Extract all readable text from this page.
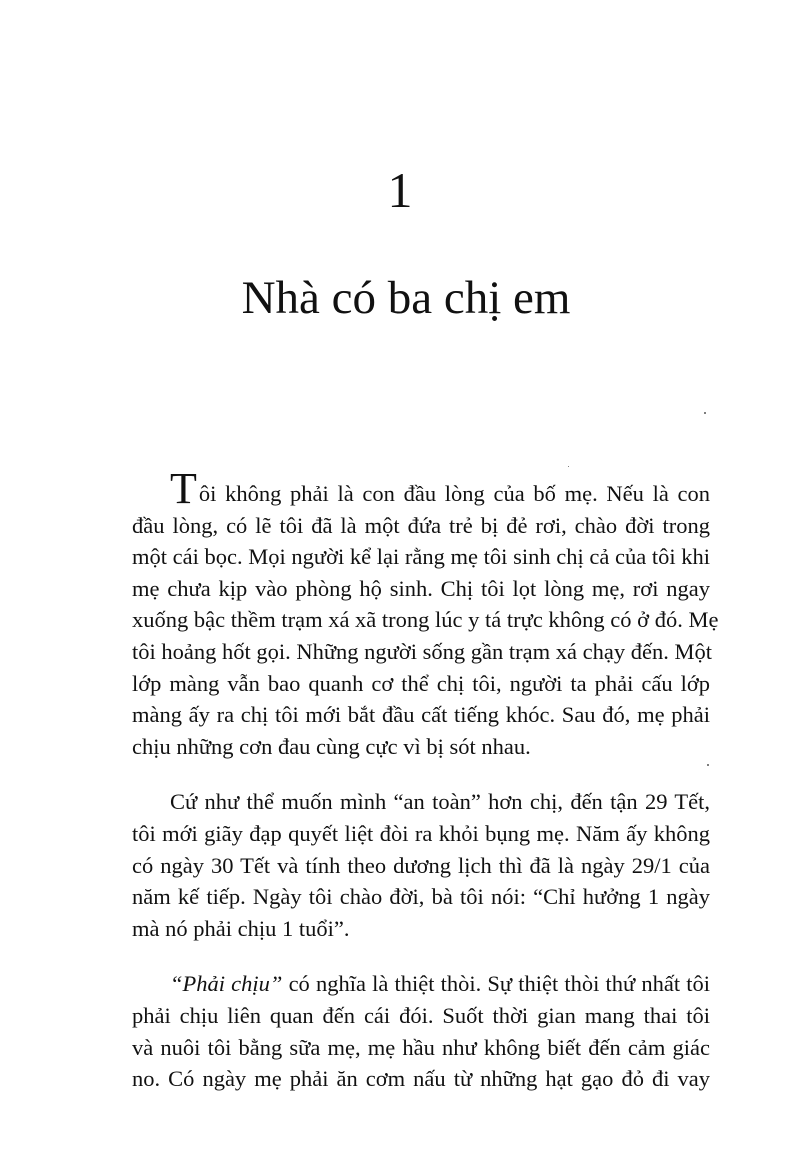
1
Nhà có ba chị em
Tôi không phải là con đầu lòng của bố mẹ. Nếu là con
đầu lòng, có lẽ tôi đã là một đứa trẻ bị đẻ rơi, chào đời trong
một cái bọc. Mọi người kể lại rằng mẹ tôi sinh chị cả của tôi khi
mẹ chưa kịp vào phòng hộ sinh. Chị tôi lọt lòng mẹ, rơi ngay
xuống bậc thềm trạm xá xã trong lúc y tá trực không có ở đó. Mẹ
tôi hoảng hốt gọi. Những người sống gần trạm xá chạy đến. Một
lớp màng vẫn bao quanh cơ thể chị tôi, người ta phải cấu lớp
màng ấy ra chị tôi mới bắt đầu cất tiếng khóc. Sau đó, mẹ phải
chịu những cơn đau cùng cực vì bị sót nhau.
Cứ như thể muốn mình “an toàn” hơn chị, đến tận 29 Tết,
tôi mới giãy đạp quyết liệt đòi ra khỏi bụng mẹ. Năm ấy không
có ngày 30 Tết và tính theo dương lịch thì đã là ngày 29/1 của
năm kế tiếp. Ngày tôi chào đời, bà tôi nói: “Chỉ hưởng 1 ngày
mà nó phải chịu 1 tuổi”.
“Phải chịu” có nghĩa là thiệt thòi. Sự thiệt thòi thứ nhất tôi
phải chịu liên quan đến cái đói. Suốt thời gian mang thai tôi
và nuôi tôi bằng sữa mẹ, mẹ hầu như không biết đến cảm giác
no. Có ngày mẹ phải ăn cơm nấu từ những hạt gạo đỏ đi vay
